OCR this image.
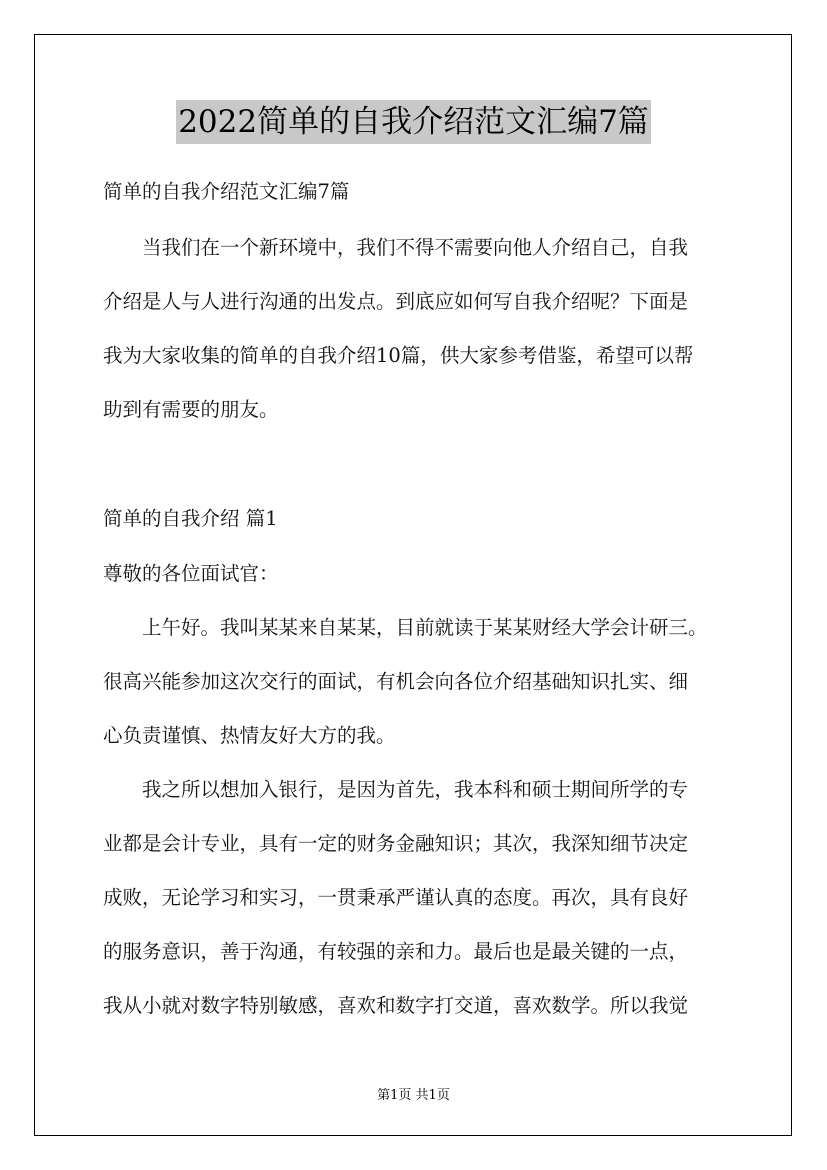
2022简单的自我介绍范文汇编7篇
简单的自我介绍范文汇编7篇
当我们在一个新环境中，我们不得不需要向他人介绍自己，自我
介绍是人与人进行沟通的出发点。到底应如何写自我介绍呢？下面是
我为大家收集的简单的自我介绍10篇，供大家参考借鉴，希望可以帮
助到有需要的朋友。
简单的自我介绍 篇1
尊敬的各位面试官：
上午好。我叫某某来自某某，目前就读于某某财经大学会计研三。
很高兴能参加这次交行的面试，有机会向各位介绍基础知识扎实、细
心负责谨慎、热情友好大方的我。
我之所以想加入银行，是因为首先，我本科和硕士期间所学的专
业都是会计专业，具有一定的财务金融知识；其次，我深知细节决定
成败，无论学习和实习，一贯秉承严谨认真的态度。再次，具有良好
的服务意识，善于沟通，有较强的亲和力。最后也是最关键的一点，
我从小就对数字特别敏感，喜欢和数字打交道，喜欢数学。所以我觉
第1页 共1页
